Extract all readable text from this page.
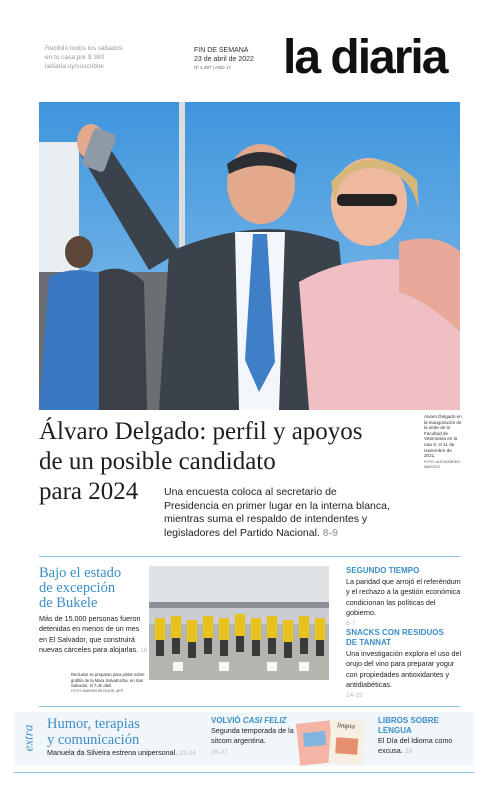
Recibilo todos los sábados
en tu casa por $ 380
ladiaria.uy/suscribite
FIN DE SEMANA
23 de abril de 2022
Nº 4.387 | AÑO 17	la diaria
Álvaro Delgado: perfil y apoyos
de un posible candidato
para 2024
Álvaro Delgado en la inauguración de la sede de la Facultad de Veterinaria en la ruta 8, el 11 de noviembre de 2021.
FOTO: ALESSANDRO MAROCO
Una encuesta coloca al secretario de Presidencia en primer lugar en la interna blanca, mientras suma el respaldo de intendentes y legisladores del Partido Nacional. 8-9
Bajo el estado
de excepción
de Bukele
Más de 15.000 personas fueron detenidas en menos de un mes en El Salvador, que construirá nuevas cárceles para alojarlas. 16
Reclusos se preparan para pintar sobre grafitis de la Mara Salvatrucha, en San Salvador, el 7 de abril.
FOTO: MARVIN RECINOS, AFP
SEGUNDO TIEMPO
La paridad que arrojó el referéndum y el rechazo a la gestión económica condicionan las políticas del gobierno.
6-7
SNACKS CON RESIDUOS
DE TANNAT
Una investigación explora el uso del orujo del vino para preparar yogur con propiedades antioxidantes y antidiabéticas.
14-15
extra
Humor, terapias
y comunicación
Manuela da Silveira estrena unipersonal. 23-24
VOLVIÓ CASI FELIZ
Segunda temporada de la sitcom argentina.
26-27
limpia
LIBROS SOBRE
LENGUA
El Día del Idioma como excusa. 29
